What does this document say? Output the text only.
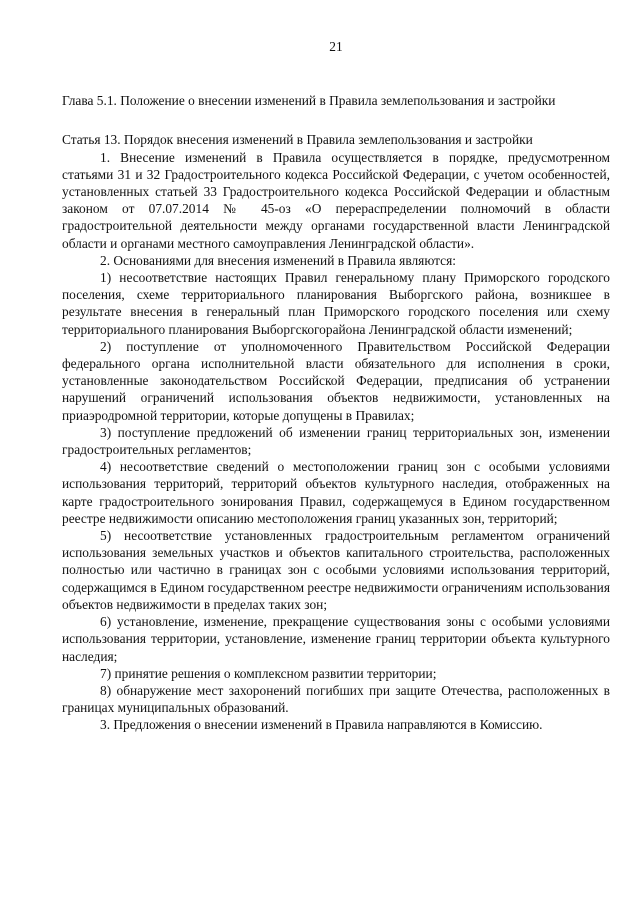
21
Глава 5.1. Положение о внесении изменений в Правила землепользования и застройки
Статья 13. Порядок внесения изменений в Правила землепользования и застройки

1. Внесение изменений в Правила осуществляется в порядке, предусмотренном статьями 31 и 32 Градостроительного кодекса Российской Федерации, с учетом особенностей, установленных статьей 33 Градостроительного кодекса Российской Федерации и областным законом от 07.07.2014 № 45-оз «О перераспределении полномочий в области градостроительной деятельности между органами государственной власти Ленинградской области и органами местного самоуправления Ленинградской области».

2. Основаниями для внесения изменений в Правила являются:

1) несоответствие настоящих Правил генеральному плану Приморского городского поселения, схеме территориального планирования Выборгского района, возникшее в результате внесения в генеральный план Приморского городского поселения или схему территориального планирования Выборгскогорайона Ленинградской области изменений;

2) поступление от уполномоченного Правительством Российской Федерации федерального органа исполнительной власти обязательного для исполнения в сроки, установленные законодательством Российской Федерации, предписания об устранении нарушений ограничений использования объектов недвижимости, установленных на приаэродромной территории, которые допущены в Правилах;

3) поступление предложений об изменении границ территориальных зон, изменении градостроительных регламентов;

4) несоответствие сведений о местоположении границ зон с особыми условиями использования территорий, территорий объектов культурного наследия, отображенных на карте градостроительного зонирования Правил, содержащемуся в Едином государственном реестре недвижимости описанию местоположения границ указанных зон, территорий;

5) несоответствие установленных градостроительным регламентом ограничений использования земельных участков и объектов капитального строительства, расположенных полностью или частично в границах зон с особыми условиями использования территорий, содержащимся в Едином государственном реестре недвижимости ограничениям использования объектов недвижимости в пределах таких зон;

6) установление, изменение, прекращение существования зоны с особыми условиями использования территории, установление, изменение границ территории объекта культурного наследия;

7) принятие решения о комплексном развитии территории;

8) обнаружение мест захоронений погибших при защите Отечества, расположенных в границах муниципальных образований.

3. Предложения о внесении изменений в Правила направляются в Комиссию.
